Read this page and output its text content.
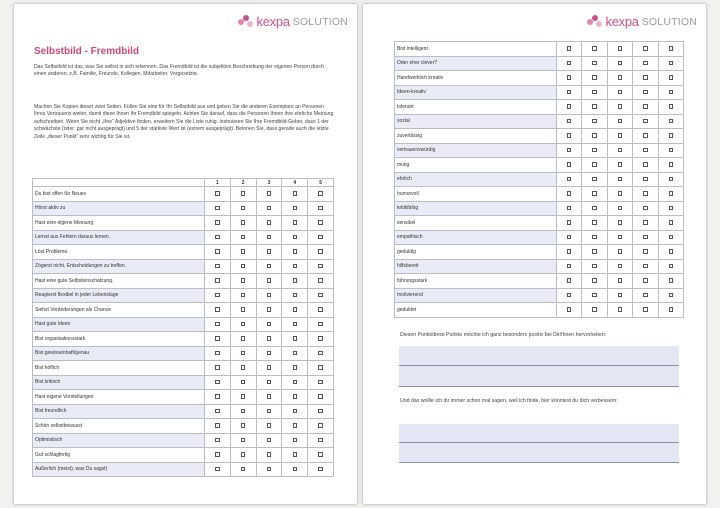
kexpa SOLUTION
Selbstbild - Fremdbild
Das Selbstbild ist das, was Sie selbst in sich erkennen. Das Fremdbild ist die subjektive Beschreibung der eigenen Person durch einen anderen, z.B. Familie, Freunde, Kollegen, Mitarbeiter, Vorgesetzte.
Machen Sie Kopien dieser zwei Seiten. Füllen Sie eine für Ihr Selbstbild aus und geben Sie die anderen Exemplare an Personen Ihres Vertrauens weiter, damit diese Ihnen Ihr Fremdbild spiegeln. Achten Sie darauf, dass die Personen Ihnen ihre ehrliche Meinung aufschreiben. Wenn Sie nicht „Ihre“ Adjektive finden, erweitern Sie die Liste ruhig. Instruieren Sie Ihre Fremdbild-Geber, dass 1 der schwächste (oder: gar nicht ausgeprägt) und 5 der stärkste Wert ist (extrem ausgeprägt). Betonen Sie, dass gerade auch die letzte Zeile „dieser Punkt“ sehr wichtig für Sie ist.
	1	2	3	4	5
Du bist offen für Neues					
Hörst aktiv zu					
Hast eine eigene Meinung					
Lernst aus Fehlern daraus lernen.					
Löst Probleme.					
Zögerst nicht, Entscheidungen zu treffen.					
Hast eine gute Selbsteinschätzung.					
Reagierst flexibel in jeder Lebenslage					
Siehst Veränderungen als Chance					
Hast gute Ideen					
Bist organisationsstark					
Bist gewissenhaft/genau					
Bist höflich					
Bist kritisch					
Hast eigene Vorstellungen					
Bist freundlich					
Schön selbstbewusst					
Optimistisch					
Gut schlagfertig					
Außerlich (meist), was Du sagst)					
kexpa SOLUTION
Bist intelligent					
Oder eher clever?					
Handwerklich kreativ					
Ideen-kreativ					
tolerant					
sozial					
zuverlässig					
vertrauenswürdig					
mutig					
ehrlich					
humorvoll					
kritikfähig					
sensibel					
empathisch					
geduldig					
hilfsbereit					
führungsstark					
motivierend					
geduldet					
Diesen Punkt/diese Punkte möchte ich ganz besonders positiv bei Dir/Ihnen hervorheben:
Und das wollte ich dir immer schon mal sagen, weil ich finde, hier könntest du dich verbessern:
